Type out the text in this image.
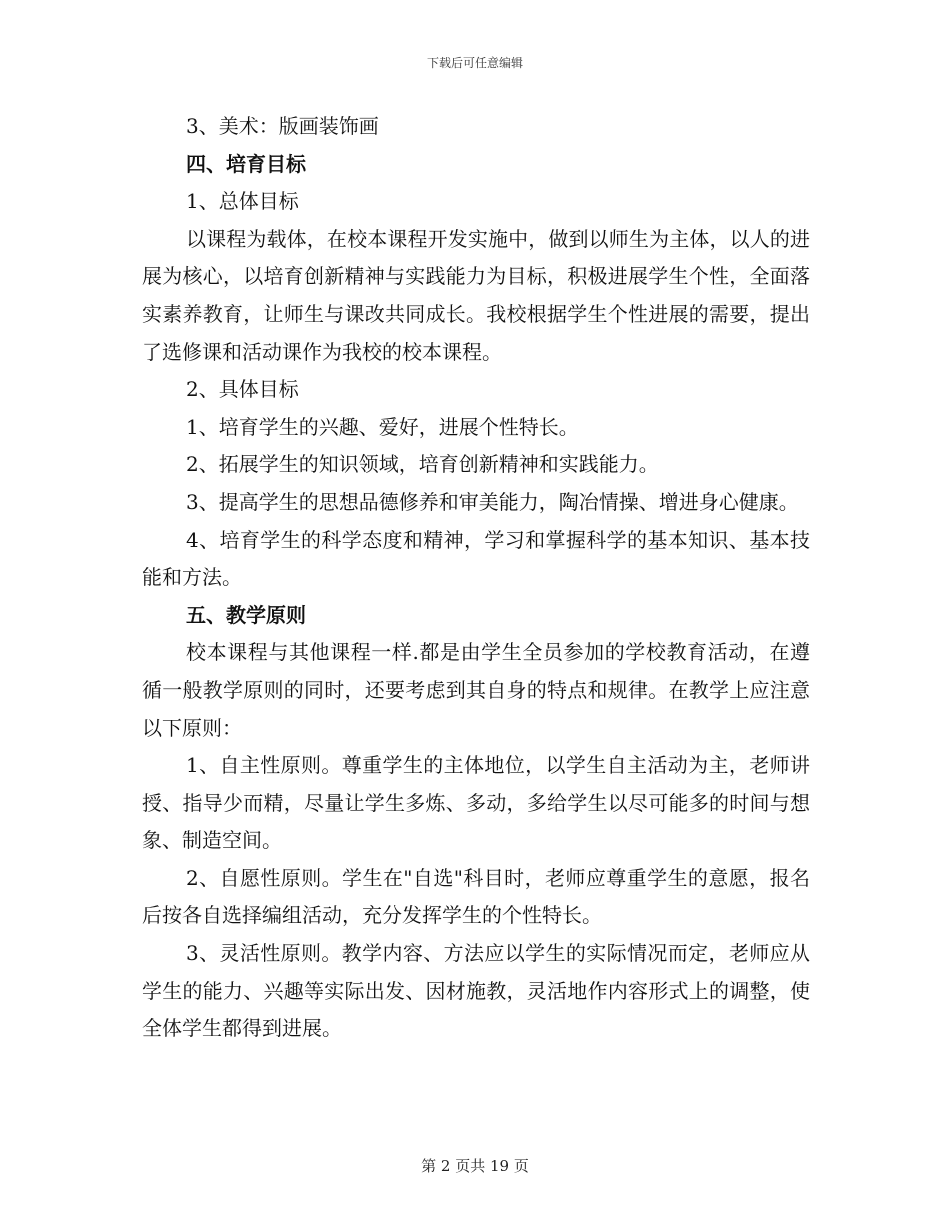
下载后可任意编辑
3、美术：版画装饰画
四、培育目标
1、总体目标
以课程为载体，在校本课程开发实施中，做到以师生为主体，以人的进展为核心，以培育创新精神与实践能力为目标，积极进展学生个性，全面落实素养教育，让师生与课改共同成长。我校根据学生个性进展的需要，提出了选修课和活动课作为我校的校本课程。
2、具体目标
1、培育学生的兴趣、爱好，进展个性特长。
2、拓展学生的知识领域，培育创新精神和实践能力。
3、提高学生的思想品德修养和审美能力，陶冶情操、增进身心健康。
4、培育学生的科学态度和精神，学习和掌握科学的基本知识、基本技能和方法。
五、教学原则
校本课程与其他课程一样.都是由学生全员参加的学校教育活动，在遵循一般教学原则的同时，还要考虑到其自身的特点和规律。在教学上应注意以下原则：
1、自主性原则。尊重学生的主体地位，以学生自主活动为主，老师讲授、指导少而精，尽量让学生多炼、多动，多给学生以尽可能多的时间与想象、制造空间。
2、自愿性原则。学生在"自选"科目时，老师应尊重学生的意愿，报名后按各自选择编组活动，充分发挥学生的个性特长。
3、灵活性原则。教学内容、方法应以学生的实际情况而定，老师应从学生的能力、兴趣等实际出发、因材施教，灵活地作内容形式上的调整，使全体学生都得到进展。
第 2 页共 19 页
